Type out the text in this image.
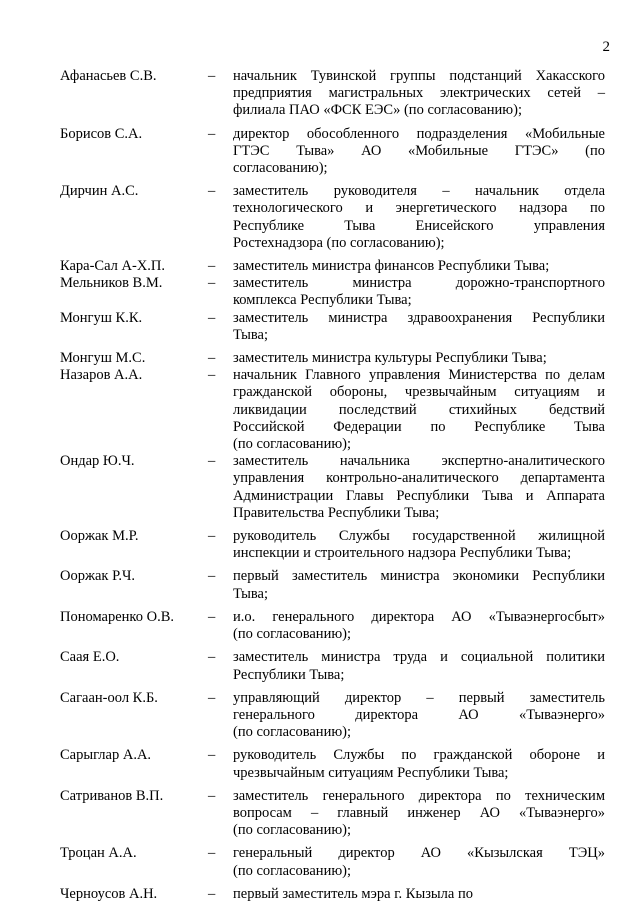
2
Афанасьев С.В.	–	начальник Тувинской группы подстанций Хакасского
предприятия магистральных электрических сетей –
филиала ПАО «ФСК ЕЭС» (по согласованию);
Борисов С.А.	–	директор обособленного подразделения «Мобильные
ГТЭС Тыва» АО «Мобильные ГТЭС» (по
согласованию);
Дирчин А.С.	–	заместитель руководителя – начальник отдела
технологического и энергетического надзора по
Республике Тыва Енисейского управления
Ростехнадзора (по согласованию);
Кара-Сал А-Х.П.	–	заместитель министра финансов Республики Тыва;
Мельников В.М.	–	заместитель министра дорожно-транспортного
комплекса Республики Тыва;
Монгуш К.К.	–	заместитель министра здравоохранения Республики
Тыва;
Монгуш М.С.	–	заместитель министра культуры Республики Тыва;
Назаров А.А.	–	начальник Главного управления Министерства по делам
гражданской обороны, чрезвычайным ситуациям и
ликвидации последствий стихийных бедствий
Российской Федерации по Республике Тыва
(по согласованию);
Ондар Ю.Ч.	–	заместитель начальника экспертно-аналитического
управления контрольно-аналитического департамента
Администрации Главы Республики Тыва и Аппарата
Правительства Республики Тыва;
Ооржак М.Р.	–	руководитель Службы государственной жилищной
инспекции и строительного надзора Республики Тыва;
Ооржак Р.Ч.	–	первый заместитель министра экономики Республики
Тыва;
Пономаренко О.В.	–	и.о. генерального директора АО «Тываэнергосбыт»
(по согласованию);
Саая Е.О.	–	заместитель министра труда и социальной политики
Республики Тыва;
Сагаан-оол К.Б.	–	управляющий директор – первый заместитель
генерального директора АО «Тываэнерго»
(по согласованию);
Сарыглар А.А.	–	руководитель Службы по гражданской обороне и
чрезвычайным ситуациям Республики Тыва;
Сатриванов В.П.	–	заместитель генерального директора по техническим
вопросам – главный инженер АО «Тываэнерго»
(по согласованию);
Троцан А.А.	–	генеральный директор АО «Кызылская ТЭЦ»
(по согласованию);
Черноусов А.Н.	–	первый заместитель мэра г. Кызыла по
